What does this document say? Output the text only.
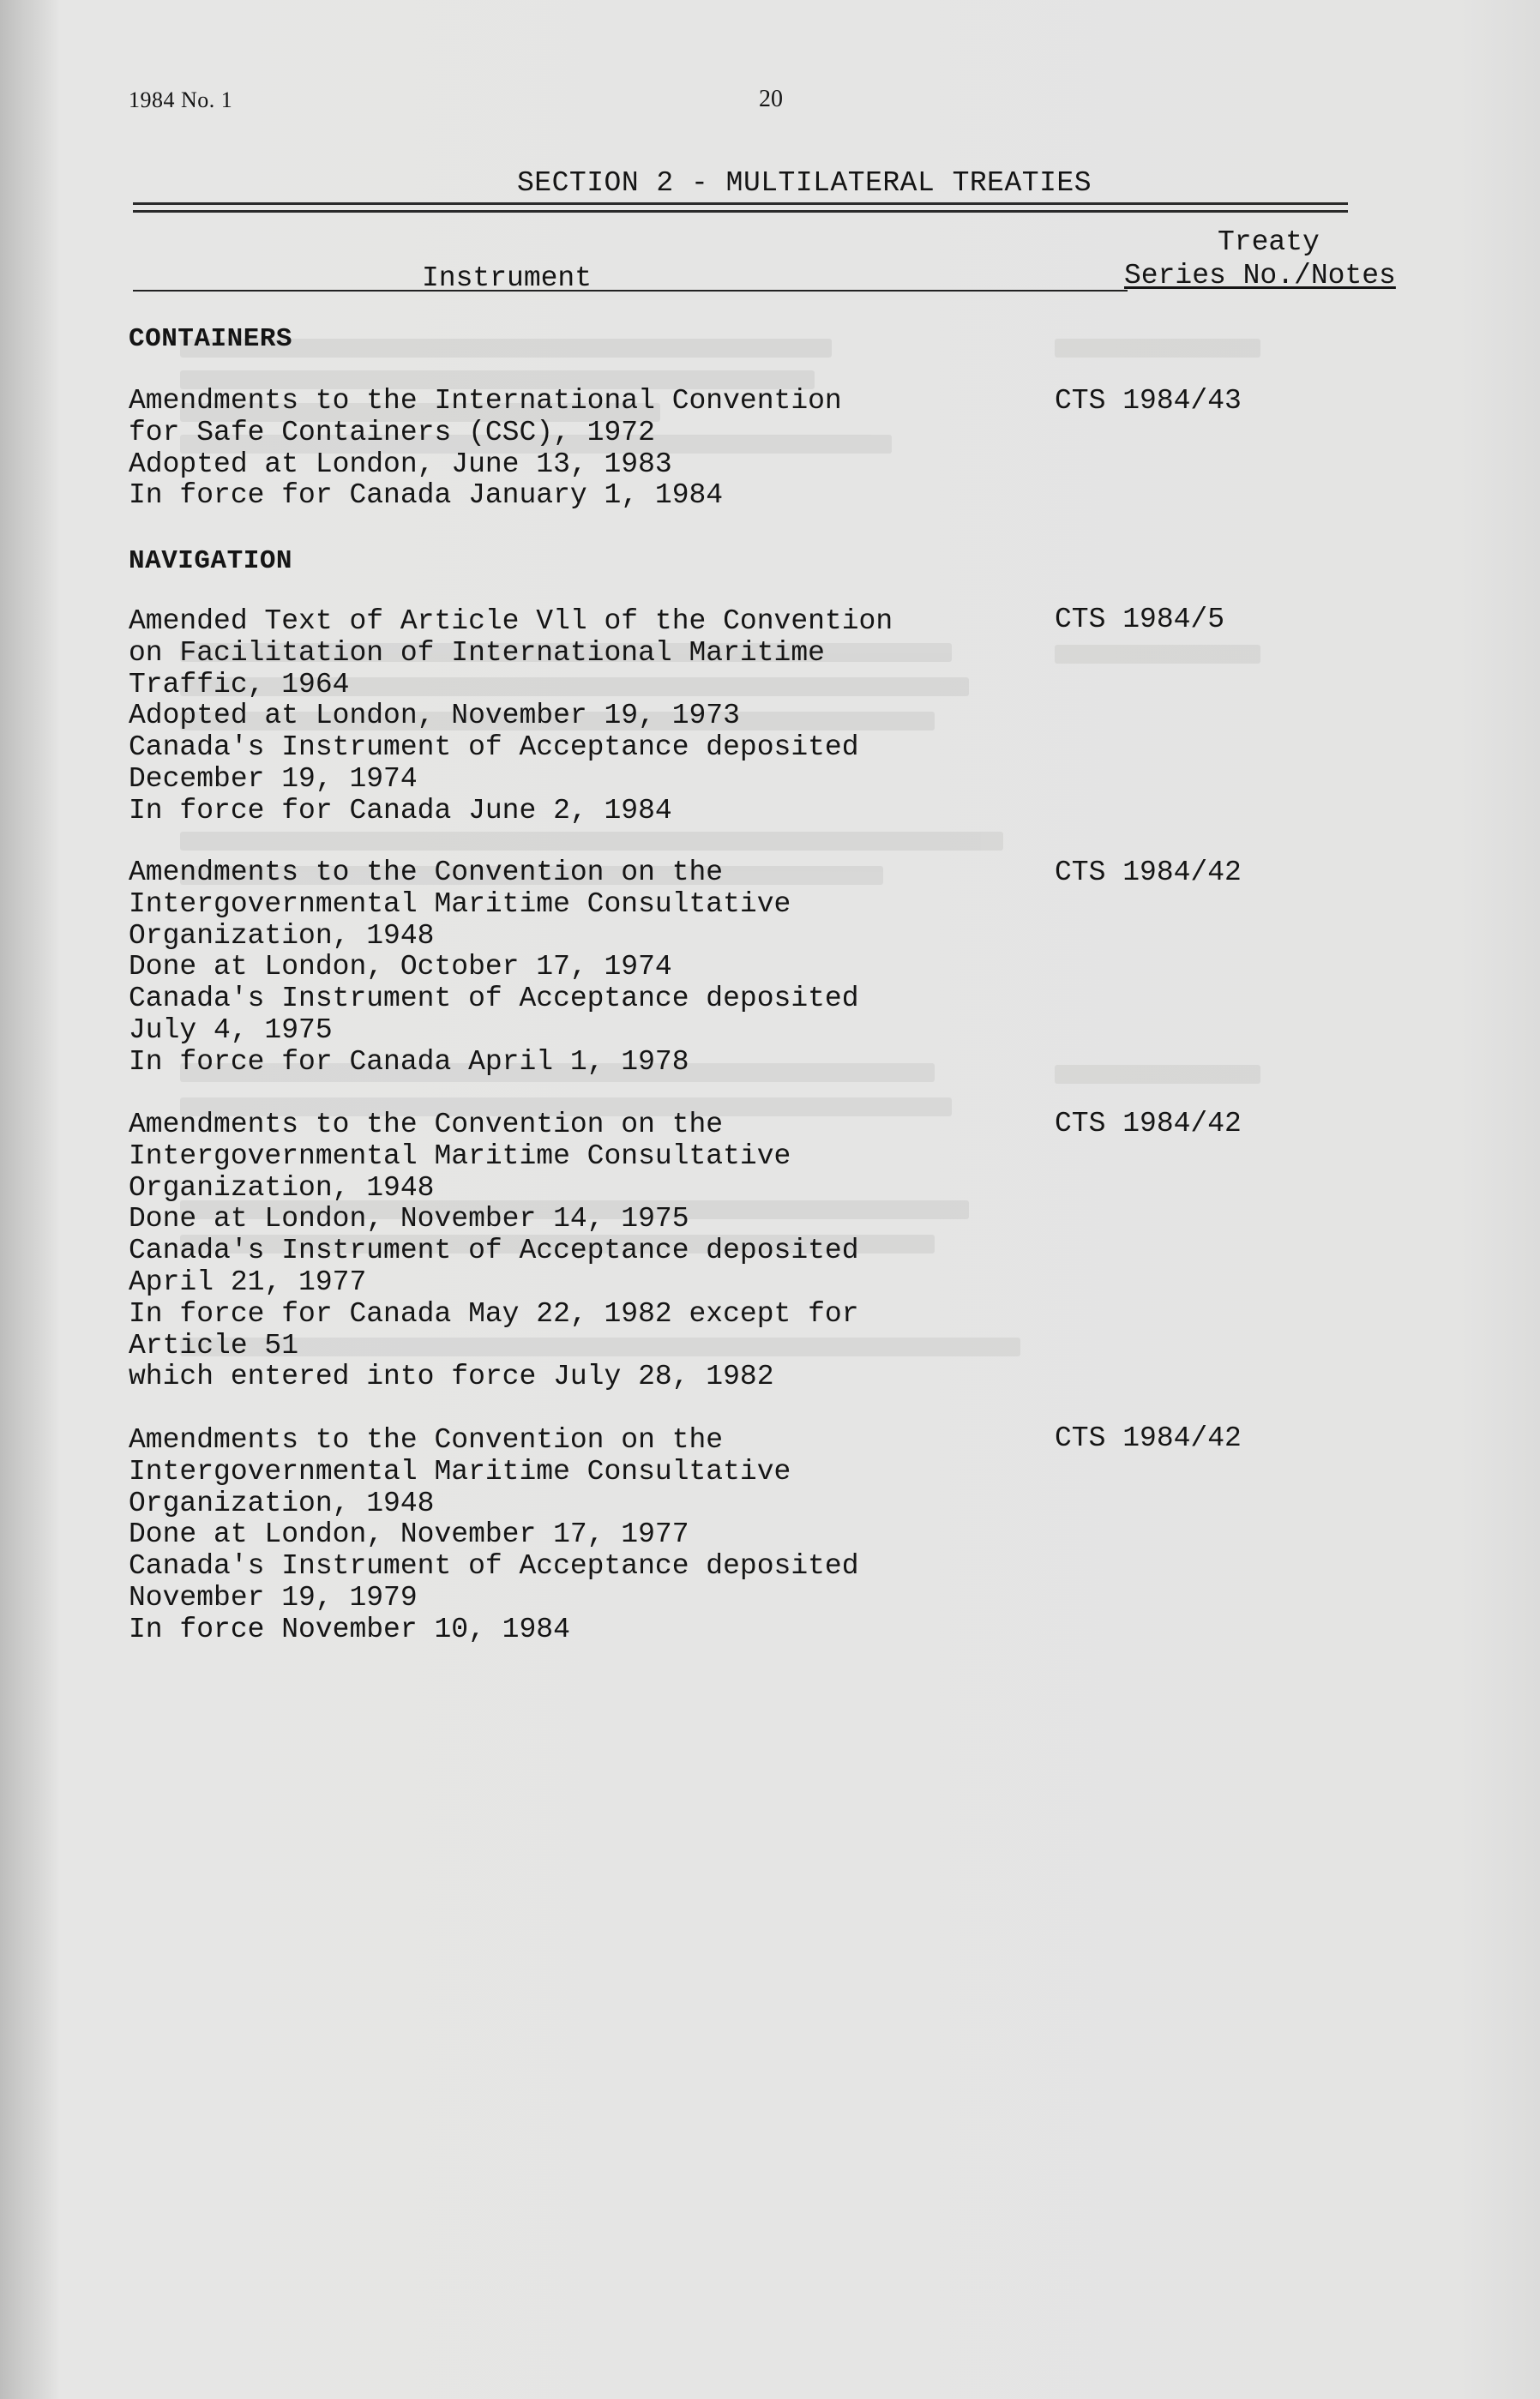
1984 No. 1	20
SECTION 2 - MULTILATERAL TREATIES
Treaty
Instrument	Series No./Notes
CONTAINERS
Amendments to the International Convention
for Safe Containers (CSC), 1972
Adopted at London, June 13, 1983
In force for Canada January 1, 1984
CTS 1984/43
NAVIGATION
Amended Text of Article Vll of the Convention
on Facilitation of International Maritime
Traffic, 1964
Adopted at London, November 19, 1973
Canada's Instrument of Acceptance deposited
December 19, 1974
In force for Canada June 2, 1984
CTS 1984/5
Amendments to the Convention on the
Intergovernmental Maritime Consultative
Organization, 1948
Done at London, October 17, 1974
Canada's Instrument of Acceptance deposited
July 4, 1975
In force for Canada April 1, 1978
CTS 1984/42
Amendments to the Convention on the
Intergovernmental Maritime Consultative
Organization, 1948
Done at London, November 14, 1975
Canada's Instrument of Acceptance deposited
April 21, 1977
In force for Canada May 22, 1982 except for
Article 51
which entered into force July 28, 1982
CTS 1984/42
Amendments to the Convention on the
Intergovernmental Maritime Consultative
Organization, 1948
Done at London, November 17, 1977
Canada's Instrument of Acceptance deposited
November 19, 1979
In force November 10, 1984
CTS 1984/42
